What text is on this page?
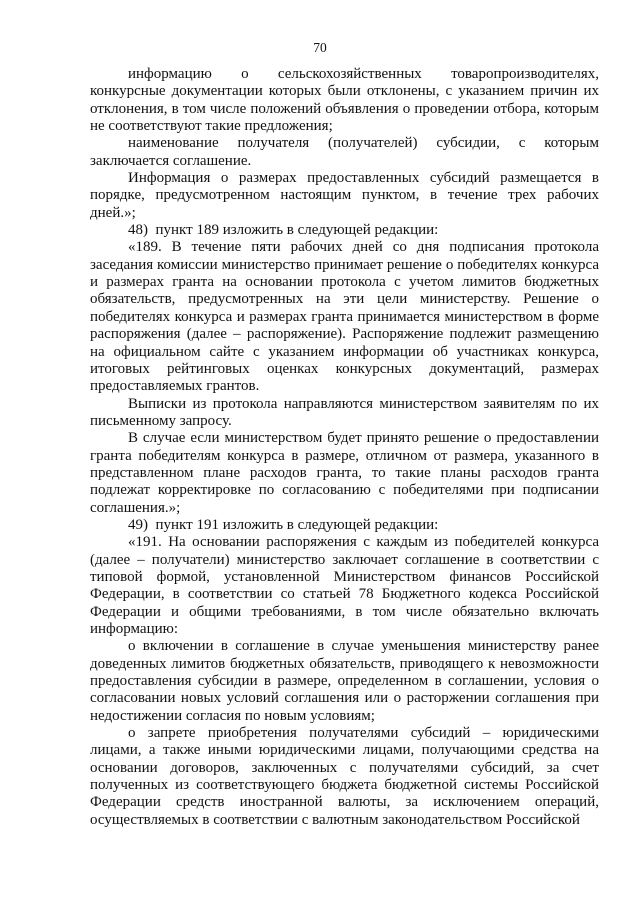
70

информацию о сельскохозяйственных товаропроизводителях, конкурсные документации которых были отклонены, с указанием причин их отклонения, в том числе положений объявления о проведении отбора, которым не соответствуют такие предложения;

наименование получателя (получателей) субсидии, с которым заключается соглашение.

Информация о размерах предоставленных субсидий размещается в порядке, предусмотренном настоящим пунктом, в течение трех рабочих дней.»;

48)  пункт 189 изложить в следующей редакции:

«189. В течение пяти рабочих дней со дня подписания протокола заседания комиссии министерство принимает решение о победителях конкурса и размерах гранта на основании протокола с учетом лимитов бюджетных обязательств, предусмотренных на эти цели министерству. Решение о победителях конкурса и размерах гранта принимается министерством в форме распоряжения (далее – распоряжение). Распоряжение подлежит размещению на официальном сайте с указанием информации об участниках конкурса, итоговых рейтинговых оценках конкурсных документаций, размерах предоставляемых грантов.

Выписки из протокола направляются министерством заявителям по их письменному запросу.

В случае если министерством будет принято решение о предоставлении гранта победителям конкурса в размере, отличном от размера, указанного в представленном плане расходов гранта, то такие планы расходов гранта подлежат корректировке по согласованию с победителями при подписании соглашения.»;

49)  пункт 191 изложить в следующей редакции:

«191. На основании распоряжения с каждым из победителей конкурса (далее – получатели) министерство заключает соглашение в соответствии с типовой формой, установленной Министерством финансов Российской Федерации, в соответствии со статьей 78 Бюджетного кодекса Российской Федерации и общими требованиями, в том числе обязательно включать информацию:

о включении в соглашение в случае уменьшения министерству ранее доведенных лимитов бюджетных обязательств, приводящего к невозможности предоставления субсидии в размере, определенном в соглашении, условия о согласовании новых условий соглашения или о расторжении соглашения при недостижении согласия по новым условиям;

о запрете приобретения получателями субсидий – юридическими лицами, а также иными юридическими лицами, получающими средства на основании договоров, заключенных с получателями субсидий, за счет полученных из соответствующего бюджета бюджетной системы Российской Федерации средств иностранной валюты, за исключением операций, осуществляемых в соответствии с валютным законодательством Российской
